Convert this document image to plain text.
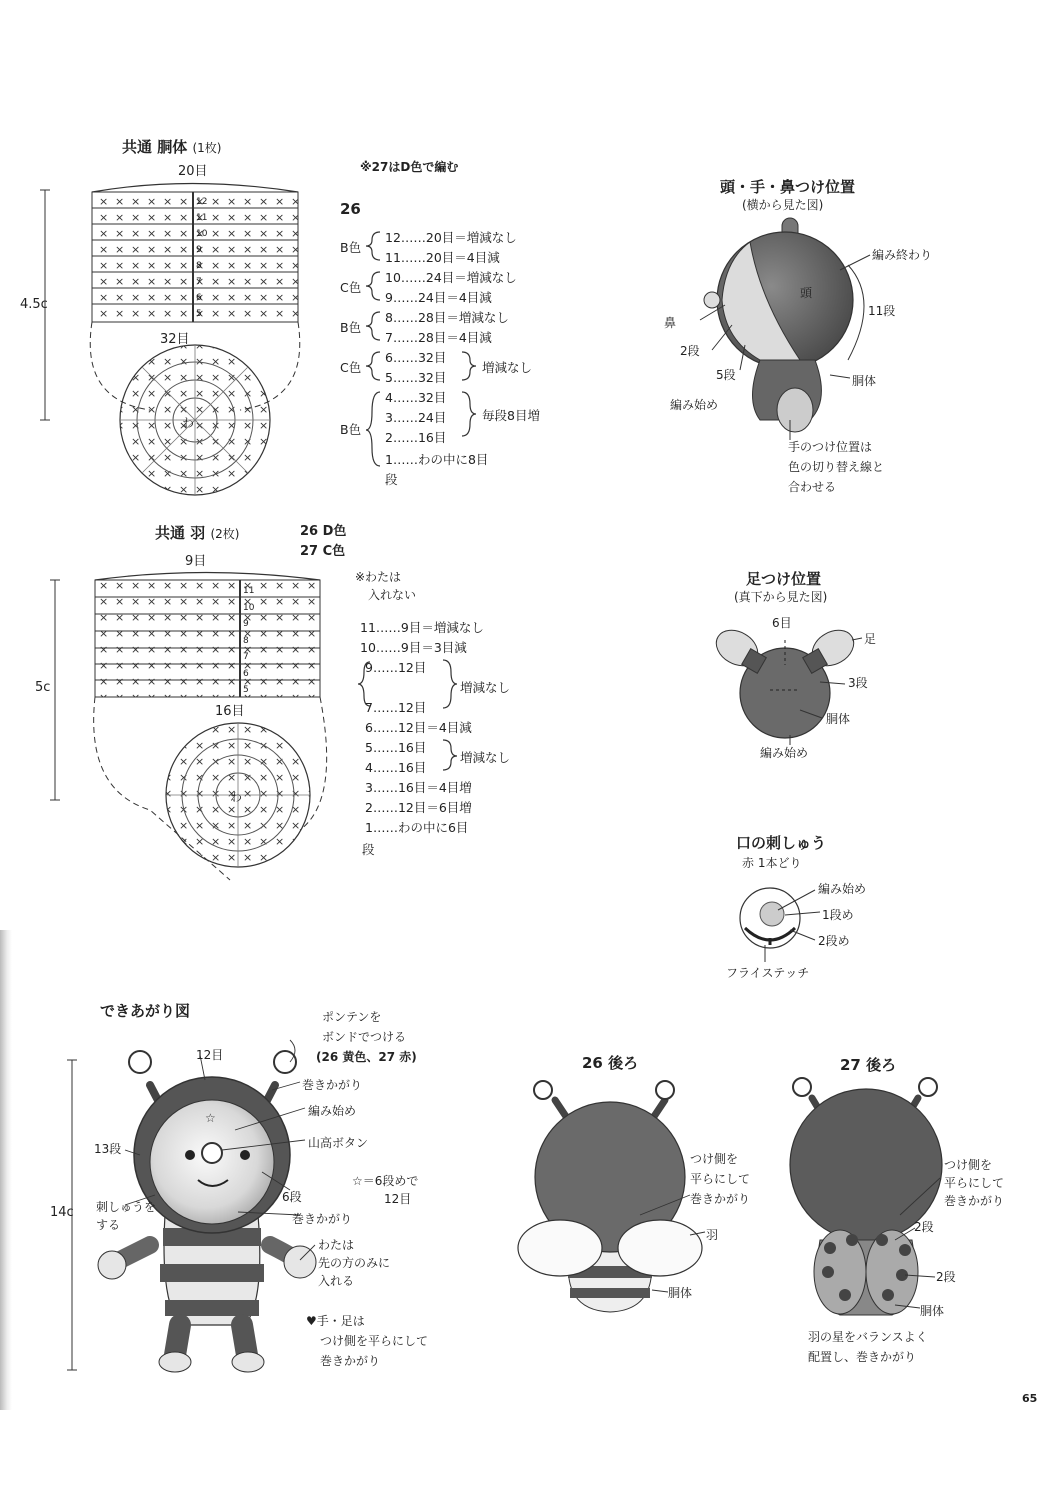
☆
共通 胴体 (1枚)
20目
4.5c
32目
わ
※27はD色で編む
26
12
11
10
9
8
7
6
5
B色
12……20目＝増減なし
11……20目＝4目減
C色
10……24目＝増減なし
9……24目＝4目減
B色
8……28目＝増減なし
7……28目＝4目減
C色
6……32目
5……32目
増減なし
B色
4……32目
3……24目
2……16目
1……わの中に8目
毎段8目増
段
共通 羽 (2枚)	26 D色
27 C色
9目
5c
16目
わ
※わたは
入れない
11
10
9
8
7
6
5
11……9目＝増減なし
10……9目＝3目減
9……12目
7……12目
増減なし
6……12目＝4目減
5……16目
4……16目
増減なし
3……16目＝4目増
2……12目＝6目増
1……わの中に6目
段
頭・手・鼻つけ位置
(横から見た図)
編み終わり
頭
11段
鼻
2段
5段	胴体
編み始め
手のつけ位置は
色の切り替え線と
合わせる
足つけ位置
(真下から見た図)
6目
足
3段
胴体
編み始め
口の刺しゅう
赤 1本どり
編み始め
1段め
2段め
フライステッチ
できあがり図
14c
ポンテンを
ボンドでつける
(26 黄色、27 赤)
12目
巻きかがり
編み始め
山高ボタン
13段
☆＝6段めで
12目
6段
刺しゅうを
する	巻きかがり
わたは
先の方のみに
入れる
♥手・足は
つけ側を平らにして
巻きかがり
26 後ろ
つけ側を
平らにして
巻きかがり
羽
胴体
27 後ろ
つけ側を
平らにして
巻きかがり
2段
2段
胴体
羽の星をバランスよく
配置し、巻きかがり
65
